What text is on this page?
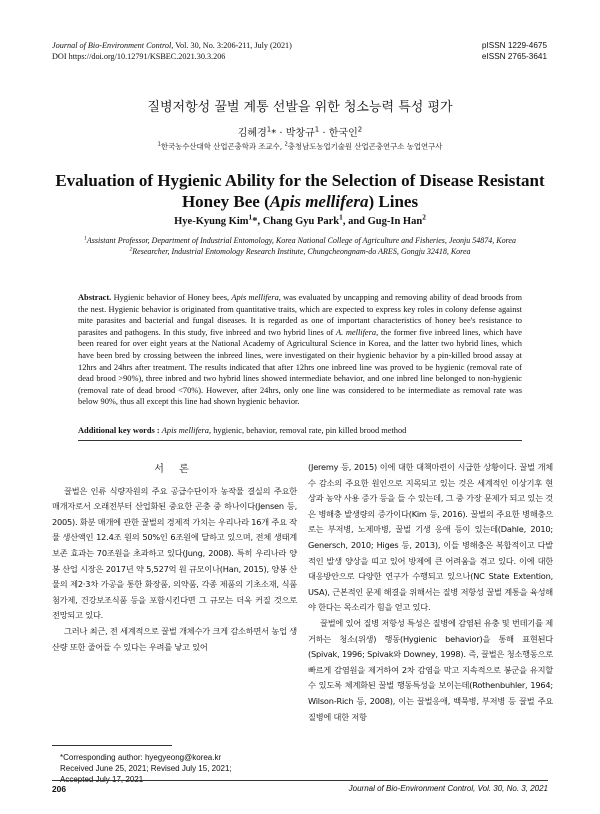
Journal of Bio-Environment Control, Vol. 30, No. 3:206-211, July (2021)
DOI https://doi.org/10.12791/KSBEC.2021.30.3.206
pISSN 1229-4675
eISSN 2765-3641
질병저항성 꿀벌 계통 선발을 위한 청소능력 특성 평가
김혜경$^1$* · 박창규$^1$ · 한국인$^2$
$^1$한국농수산대학 산업곤충학과 조교수, $^2$충청남도농업기술원 산업곤충연구소 농업연구사
Evaluation of Hygienic Ability for the Selection of Disease Resistant
Honey Bee (Apis mellifera) Lines
Hye-Kyung Kim$^1$*, Chang Gyu Park$^1$, and Gug-In Han$^2$

$^1$Assistant Professor, Department of Industrial Entomology, Korea National College of Agriculture and Fisheries, Jeonju 54874, Korea

$^2$Researcher, Industrial Entomology Research Institute, Chungcheongnam-do ARES, Gongju 32418, Korea

Abstract. Hygienic behavior of Honey bees, Apis mellifera, was evaluated by uncapping and removing ability of dead broods from the nest. Hygienic behavior is originated from quantitative traits, which are expected to express key roles in colony defense against mite parasites and bacterial and fungal diseases. It is regarded as one of important characteristics of honey bee's resistance to parasites and pathogens. In this study, five inbreed and two hybrid lines of A. mellifera, the former five inbreed lines, which have been reared for over eight years at the National Academy of Agricultural Science in Korea, and the latter two hybrid lines, which have been bred by crossing between the inbreed lines, were investigated on their hygienic behavior by a pin-killed brood assay at 12hrs and 24hrs after treatment. The results indicated that after 12hrs one inbreed line was proved to be hygienic (removal rate of dead brood >90%), three inbred and two hybrid lines showed intermediate behavior, and one inbred line belonged to non-hygienic (removal rate of dead brood <70%). However, after 24hrs, only one line was considered to be intermediate as removal rate was below 90%, thus all except this line had shown hygienic behavior.
Additional key words : Apis mellifera, hygienic, behavior, removal rate, pin killed brood method
서 론

꿀벌은 인류 식량자원의 주요 공급수단이자 농작물 결실의 주요한 매개자로서 오래전부터 산업화된 중요한 곤충 중 하나이다(Jensen 등, 2005). 화분 매개에 관한 꿀벌의 경제적 가치는 우리나라 16개 주요 작물 생산액인 12.4조 원의 50%인 6조원에 달하고 있으며, 전체 생태계 보존 효과는 70조원을 초과하고 있다(Jung, 2008). 특히 우리나라 양봉 산업 시장은 2017년 약 5,527억 원 규모이나(Han, 2015), 양봉 산물의 제2·3차 가공을 통한 화장품, 의약품, 각종 제품의 기초소재, 식품첨가제, 건강보조식품 등을 포함시킨다면 그 규모는 더욱 커질 것으로 전망되고 있다.

그러나 최근, 전 세계적으로 꿀벌 개체수가 크게 감소하면서 농업 생산량 또한 줄어들 수 있다는 우려를 낳고 있어

(Jeremy 등, 2015) 이에 대한 대책마련이 시급한 상황이다. 꿀벌 개체수 감소의 주요한 원인으로 지목되고 있는 것은 세계적인 이상기후 현상과 농약 사용 증가 등을 들 수 있는데, 그 중 가장 문제가 되고 있는 것은 병해충 발생량의 증가이다(Kim 등, 2016). 꿀벌의 주요한 병해충으로는 부저병, 노제마병, 꿀벌 기생 응애 등이 있는데(Dahle, 2010; Genersch, 2010; Higes 등, 2013), 이들 병해충은 복합적이고 다발적인 발생 양상을 띠고 있어 방제에 큰 어려움을 겪고 있다. 이에 대한 대응방안으로 다양한 연구가 수행되고 있으나(NC State Extention, USA), 근본적인 문제 해결을 위해서는 질병 저항성 꿀벌 계통을 육성해야 한다는 목소리가 힘을 얻고 있다.

꿀벌에 있어 질병 저항성 특성은 질병에 감염된 유충 및 번데기를 제거하는 청소(위생) 행동(Hygienic behavior)을 통해 표현된다(Spivak, 1996; Spivak와 Downey, 1998). 즉, 꿀벌은 청소행동으로 빠르게 감염원을 제거하여 2차 감염을 막고 지속적으로 봉군을 유지할 수 있도록 체계화된 꿀벌 행동특성을 보이는데(Rothenbuhler, 1964; Wilson-Rich 등, 2008), 이는 꿀벌응애, 백묵병, 부저병 등 꿀벌 주요 질병에 대한 저항

*Corresponding author: hyegyeong@korea.kr

Received June 25, 2021; Revised July 15, 2021;

Accepted July 17, 2021

206	Journal of Bio-Environment Control, Vol. 30, No. 3, 2021
